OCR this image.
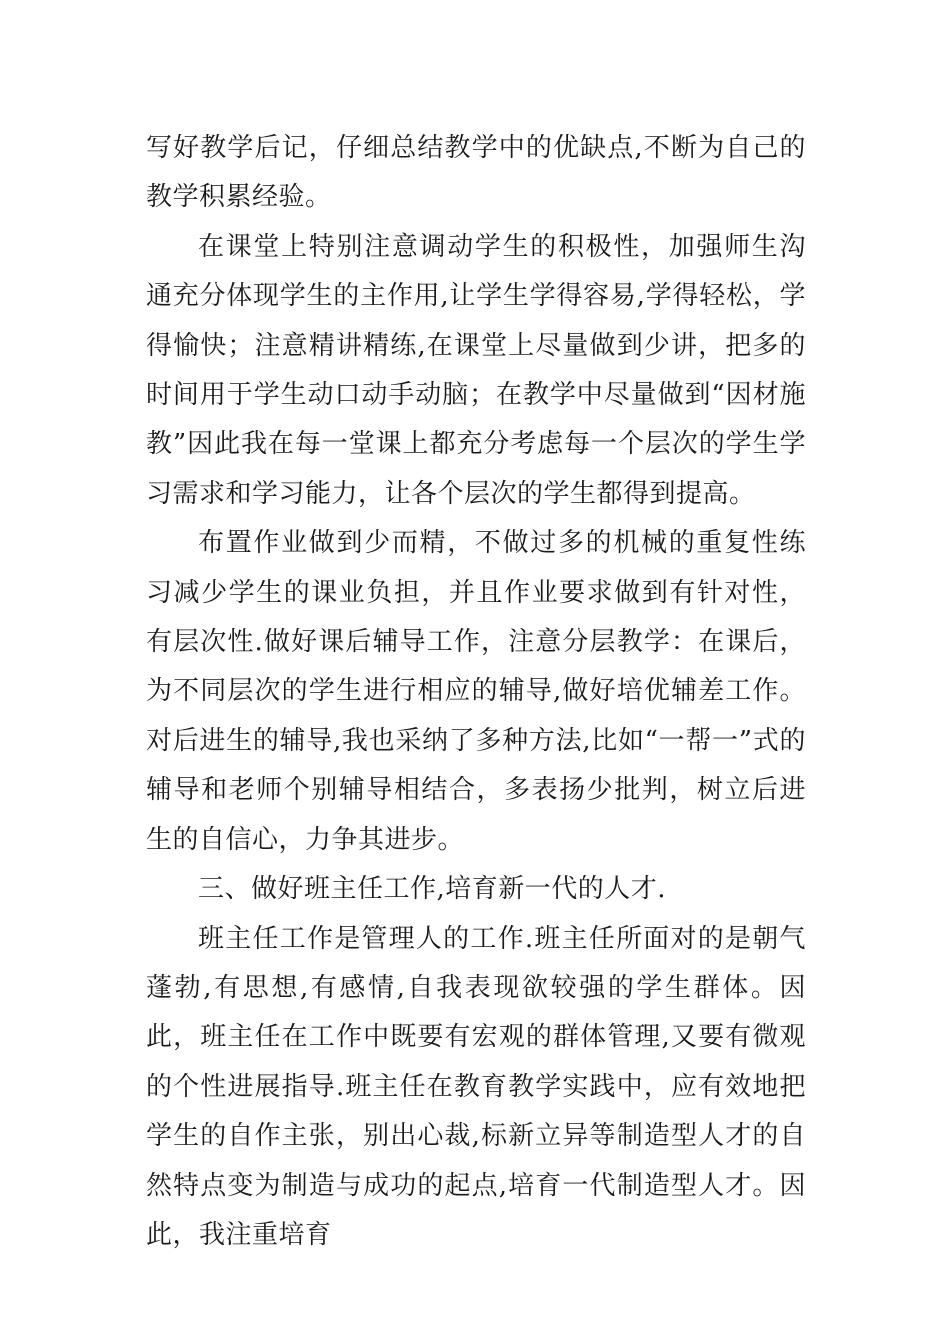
写好教学后记，仔细总结教学中的优缺点,不断为自己的教学积累经验。

在课堂上特别注意调动学生的积极性，加强师生沟通充分体现学生的主作用,让学生学得容易,学得轻松，学得愉快；注意精讲精练,在课堂上尽量做到少讲，把多的时间用于学生动口动手动脑；在教学中尽量做到“因材施教”因此我在每一堂课上都充分考虑每一个层次的学生学习需求和学习能力，让各个层次的学生都得到提高。

布置作业做到少而精，不做过多的机械的重复性练习减少学生的课业负担，并且作业要求做到有针对性，有层次性.做好课后辅导工作，注意分层教学：在课后，为不同层次的学生进行相应的辅导,做好培优辅差工作。对后进生的辅导,我也采纳了多种方法,比如“一帮一”式的辅导和老师个别辅导相结合，多表扬少批判，树立后进生的自信心，力争其进步。

三、做好班主任工作,培育新一代的人才.

班主任工作是管理人的工作.班主任所面对的是朝气蓬勃,有思想,有感情,自我表现欲较强的学生群体。因此，班主任在工作中既要有宏观的群体管理,又要有微观的个性进展指导.班主任在教育教学实践中，应有效地把学生的自作主张，别出心裁,标新立异等制造型人才的自然特点变为制造与成功的起点,培育一代制造型人才。因此，我注重培育
